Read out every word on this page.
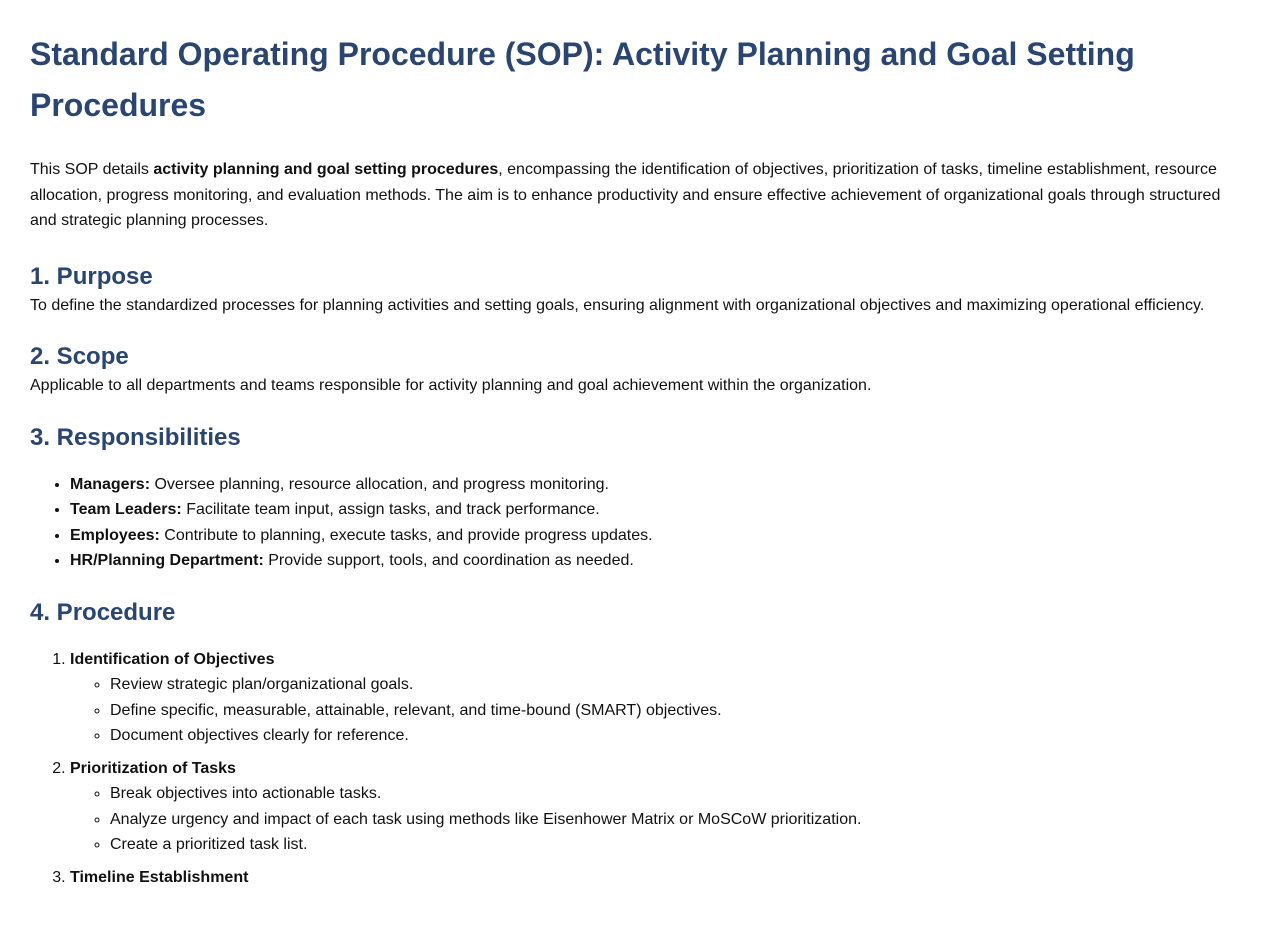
Standard Operating Procedure (SOP): Activity Planning and Goal Setting Procedures

This SOP details activity planning and goal setting procedures, encompassing the identification of objectives, prioritization of tasks, timeline establishment, resource allocation, progress monitoring, and evaluation methods. The aim is to enhance productivity and ensure effective achievement of organizational goals through structured and strategic planning processes.

1. Purpose

To define the standardized processes for planning activities and setting goals, ensuring alignment with organizational objectives and maximizing operational efficiency.

2. Scope

Applicable to all departments and teams responsible for activity planning and goal achievement within the organization.

3. Responsibilities
• Managers: Oversee planning, resource allocation, and progress monitoring.
• Team Leaders: Facilitate team input, assign tasks, and track performance.
• Employees: Contribute to planning, execute tasks, and provide progress updates.
• HR/Planning Department: Provide support, tools, and coordination as needed.
4. Procedure
1. Identification of Objectives
◦ Review strategic plan/organizational goals.
◦ Define specific, measurable, attainable, relevant, and time-bound (SMART) objectives.
◦ Document objectives clearly for reference.
2. Prioritization of Tasks
◦ Break objectives into actionable tasks.
◦ Analyze urgency and impact of each task using methods like Eisenhower Matrix or MoSCoW prioritization.
◦ Create a prioritized task list.
3. Timeline Establishment
